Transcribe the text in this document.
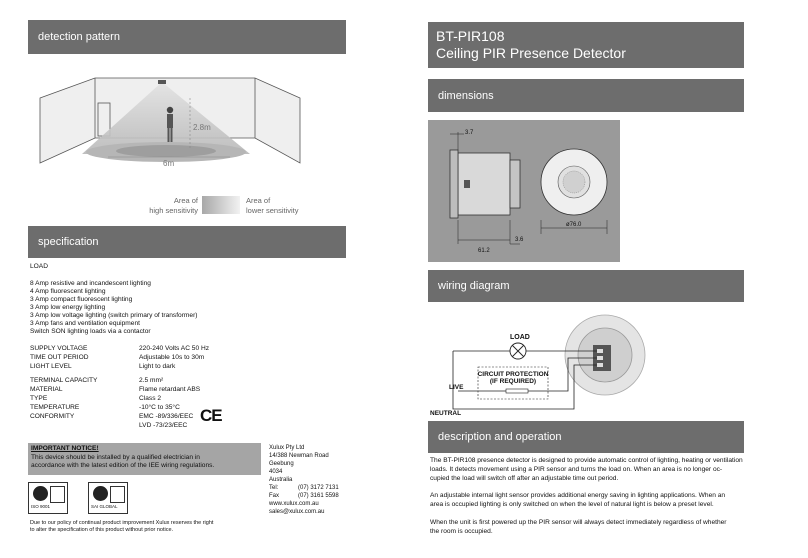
detection pattern
2.8m
6m
Area of
high sensitivity
Area of
lower sensitivity
specification
LOAD
8 Amp resistive and incandescent lighting
4 Amp fluorescent lighting
3 Amp compact fluorescent lighting
3 Amp low energy lighting
3 Amp low voltage lighting (switch primary of transformer)
3 Amp fans and ventilation equipment
Switch SON lighting loads via a contactor
SUPPLY VOLTAGE	220-240 Volts AC 50 Hz
TIME OUT PERIOD	Adjustable 10s to 30m
LIGHT LEVEL	Light to dark
TERMINAL CAPACITY	2.5 mm²
MATERIAL	Flame retardant ABS
TYPE	Class 2
TEMPERATURE	-10°C to 35°C
CONFORMITY	EMC -89/336/EEC
LVD -73/23/EEC
CE
IMPORTANT NOTICE!
This device should be installed by a qualified electrician in
accordance with the latest edition of the IEE wiring regulations.
ISO 9001	SAI GLOBAL
Xulux Pty Ltd
14/388 Newman Road
Geebung
4034
Australia
Tel:	(07) 3172 7131
Fax	(07) 3161 5598
www.xulux.com.au
sales@xulux.com.au
Due to our policy of continual product improvement Xulux reserves the right
to alter the specification of this product without prior notice.
BT-PIR108
Ceiling PIR Presence Detector
dimensions
3.7
61.2
3.6
ø76.0
wiring diagram
LOAD
CIRCUIT PROTECTION
(IF REQUIRED)
LIVE
NEUTRAL
description and operation
The BT-PIR108 presence detector is designed to provide automatic control of lighting, heating or ventilation
loads. It detects movement using a PIR sensor and turns the load on. When an area is no longer oc-
cupied the load will switch off after an adjustable time out period.
An adjustable internal light sensor provides additional energy saving in lighting applications. When an
area is occupied lighting is only switched on when the level of natural light is below a preset level.
When the unit is first powered up the PIR sensor will always detect immediately regardless of whether
the room is occupied.
